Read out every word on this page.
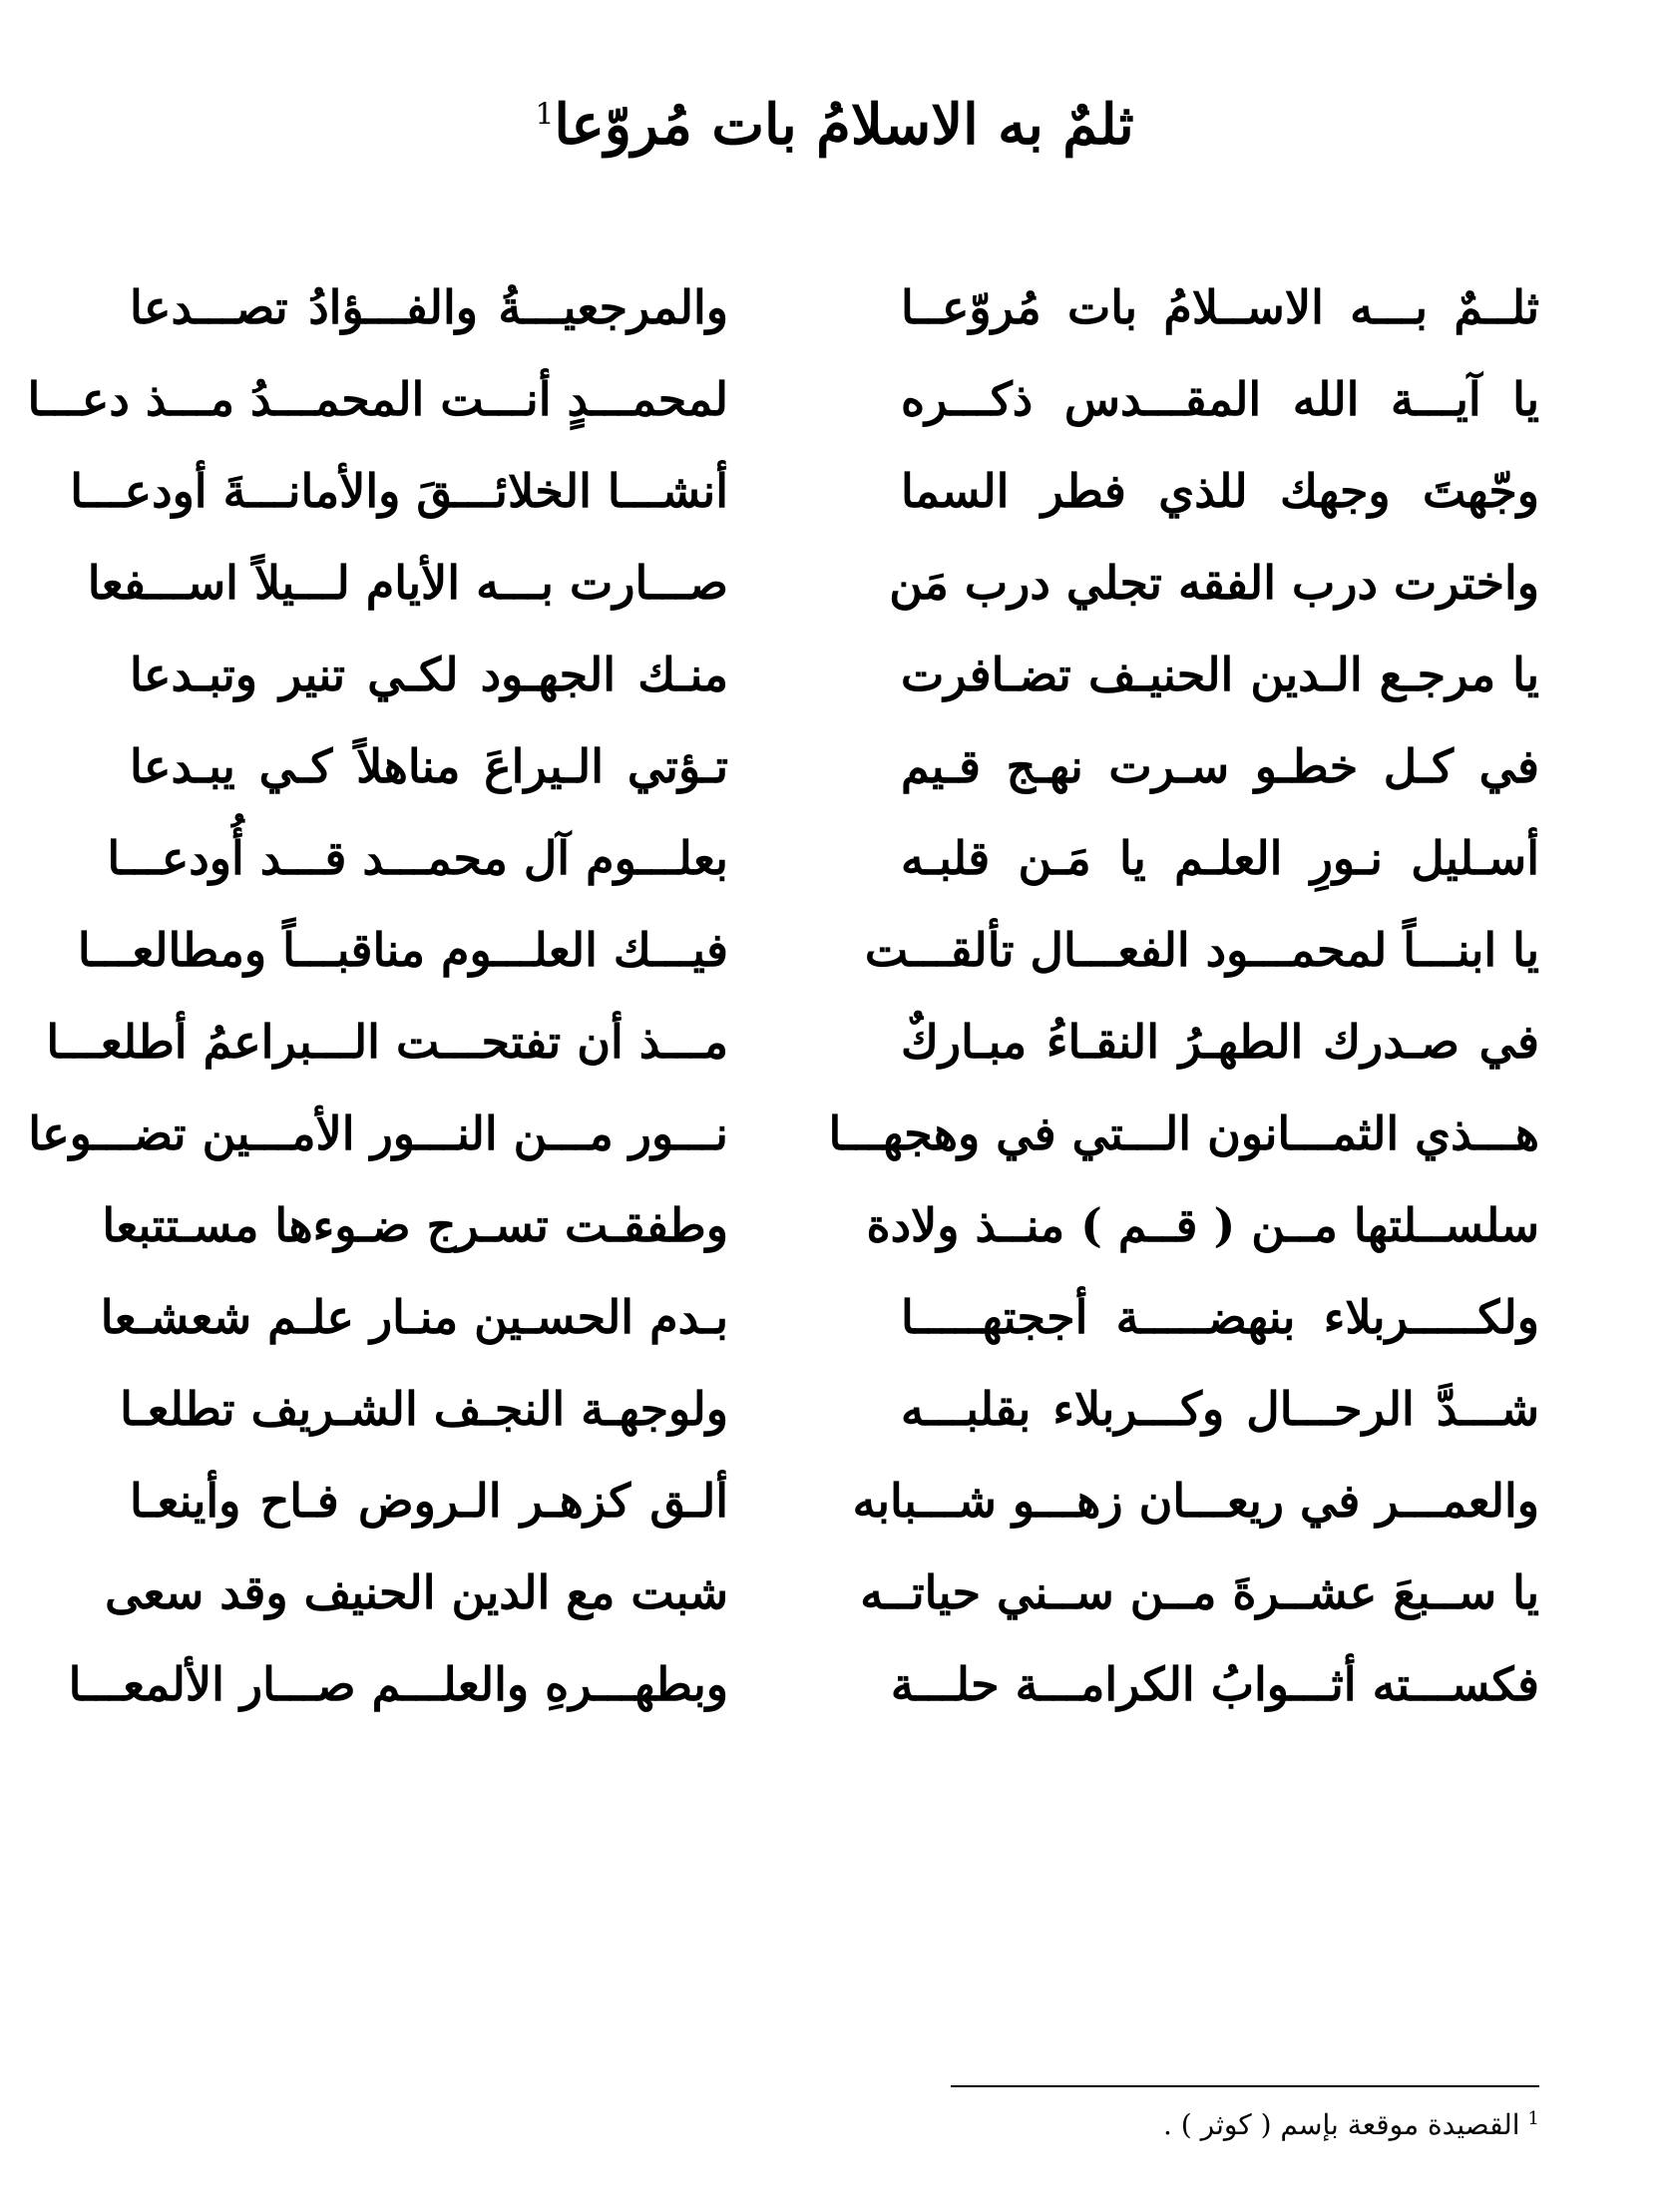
ثلمٌ به الاسلامُ بات مُروّعا$^1$
ثلــمٌ بـــه الاســلامُ بات مُروّعــا
والمرجعيـــةُ والفـــؤادُ تصـــدعا
يا آيـــة الله المقـــدس ذكـــره
لمحمـــدٍ أنـــت المحمـــدُ مـــذ دعـــا
وجّهتَ وجهك للذي فطر السما
أنشـــا الخلائـــقَ والأمانـــةَ أودعـــا
واخترت درب الفقه تجلي درب مَن
صـــارت بـــه الأيام لـــيلاً اســـفعا
يا مرجـع الـدين الحنيـف تضـافرت
منـك الجهـود لكـي تنير وتبـدعا
في كـل خطـو سـرت نهـج قـيم
تـؤتي الـيراعَ مناهلاً كـي يبـدعا
أسـليل نـورِ العلـم يا مَـن قلبـه
بعلـــوم آل محمـــد قـــد أُودعـــا
يا ابنـــاً لمحمـــود الفعـــال تألقـــت
فيـــك العلـــوم مناقبـــاً ومطالعـــا
في صـدرك الطهـرُ النقـاءُ مبـاركٌ
مـــذ أن تفتحـــت الـــبراعمُ أطلعـــا
هـــذي الثمـــانون الـــتي في وهجهـــا
نـــور مـــن النـــور الأمـــين تضـــوعا
سلســلتها مــن ( قــم ) منــذ ولادة
وطفقـت تسـرج ضـوءها مسـتتبعا
ولكـــــربلاء بنهضـــــة أججتهـــــا
بـدم الحسـين منـار علـم شعشـعا
شـــدَّ الرحـــال وكـــربلاء بقلبـــه
ولوجهـة النجـف الشـريف تطلعـا
والعمـــر في ريعـــان زهـــو شـــبابه
ألـق كزهـر الـروض فـاح وأينعـا
يا ســبعَ عشــرةَ مــن ســني حياتــه
شبت مع الدين الحنيف وقد سعى
فكســـته أثـــوابُ الكرامـــة حلـــة
وبطهـــرهِ والعلـــم صـــار الألمعـــا
$^1$القصيدة موقعة بإسم ( كوثر ) .
